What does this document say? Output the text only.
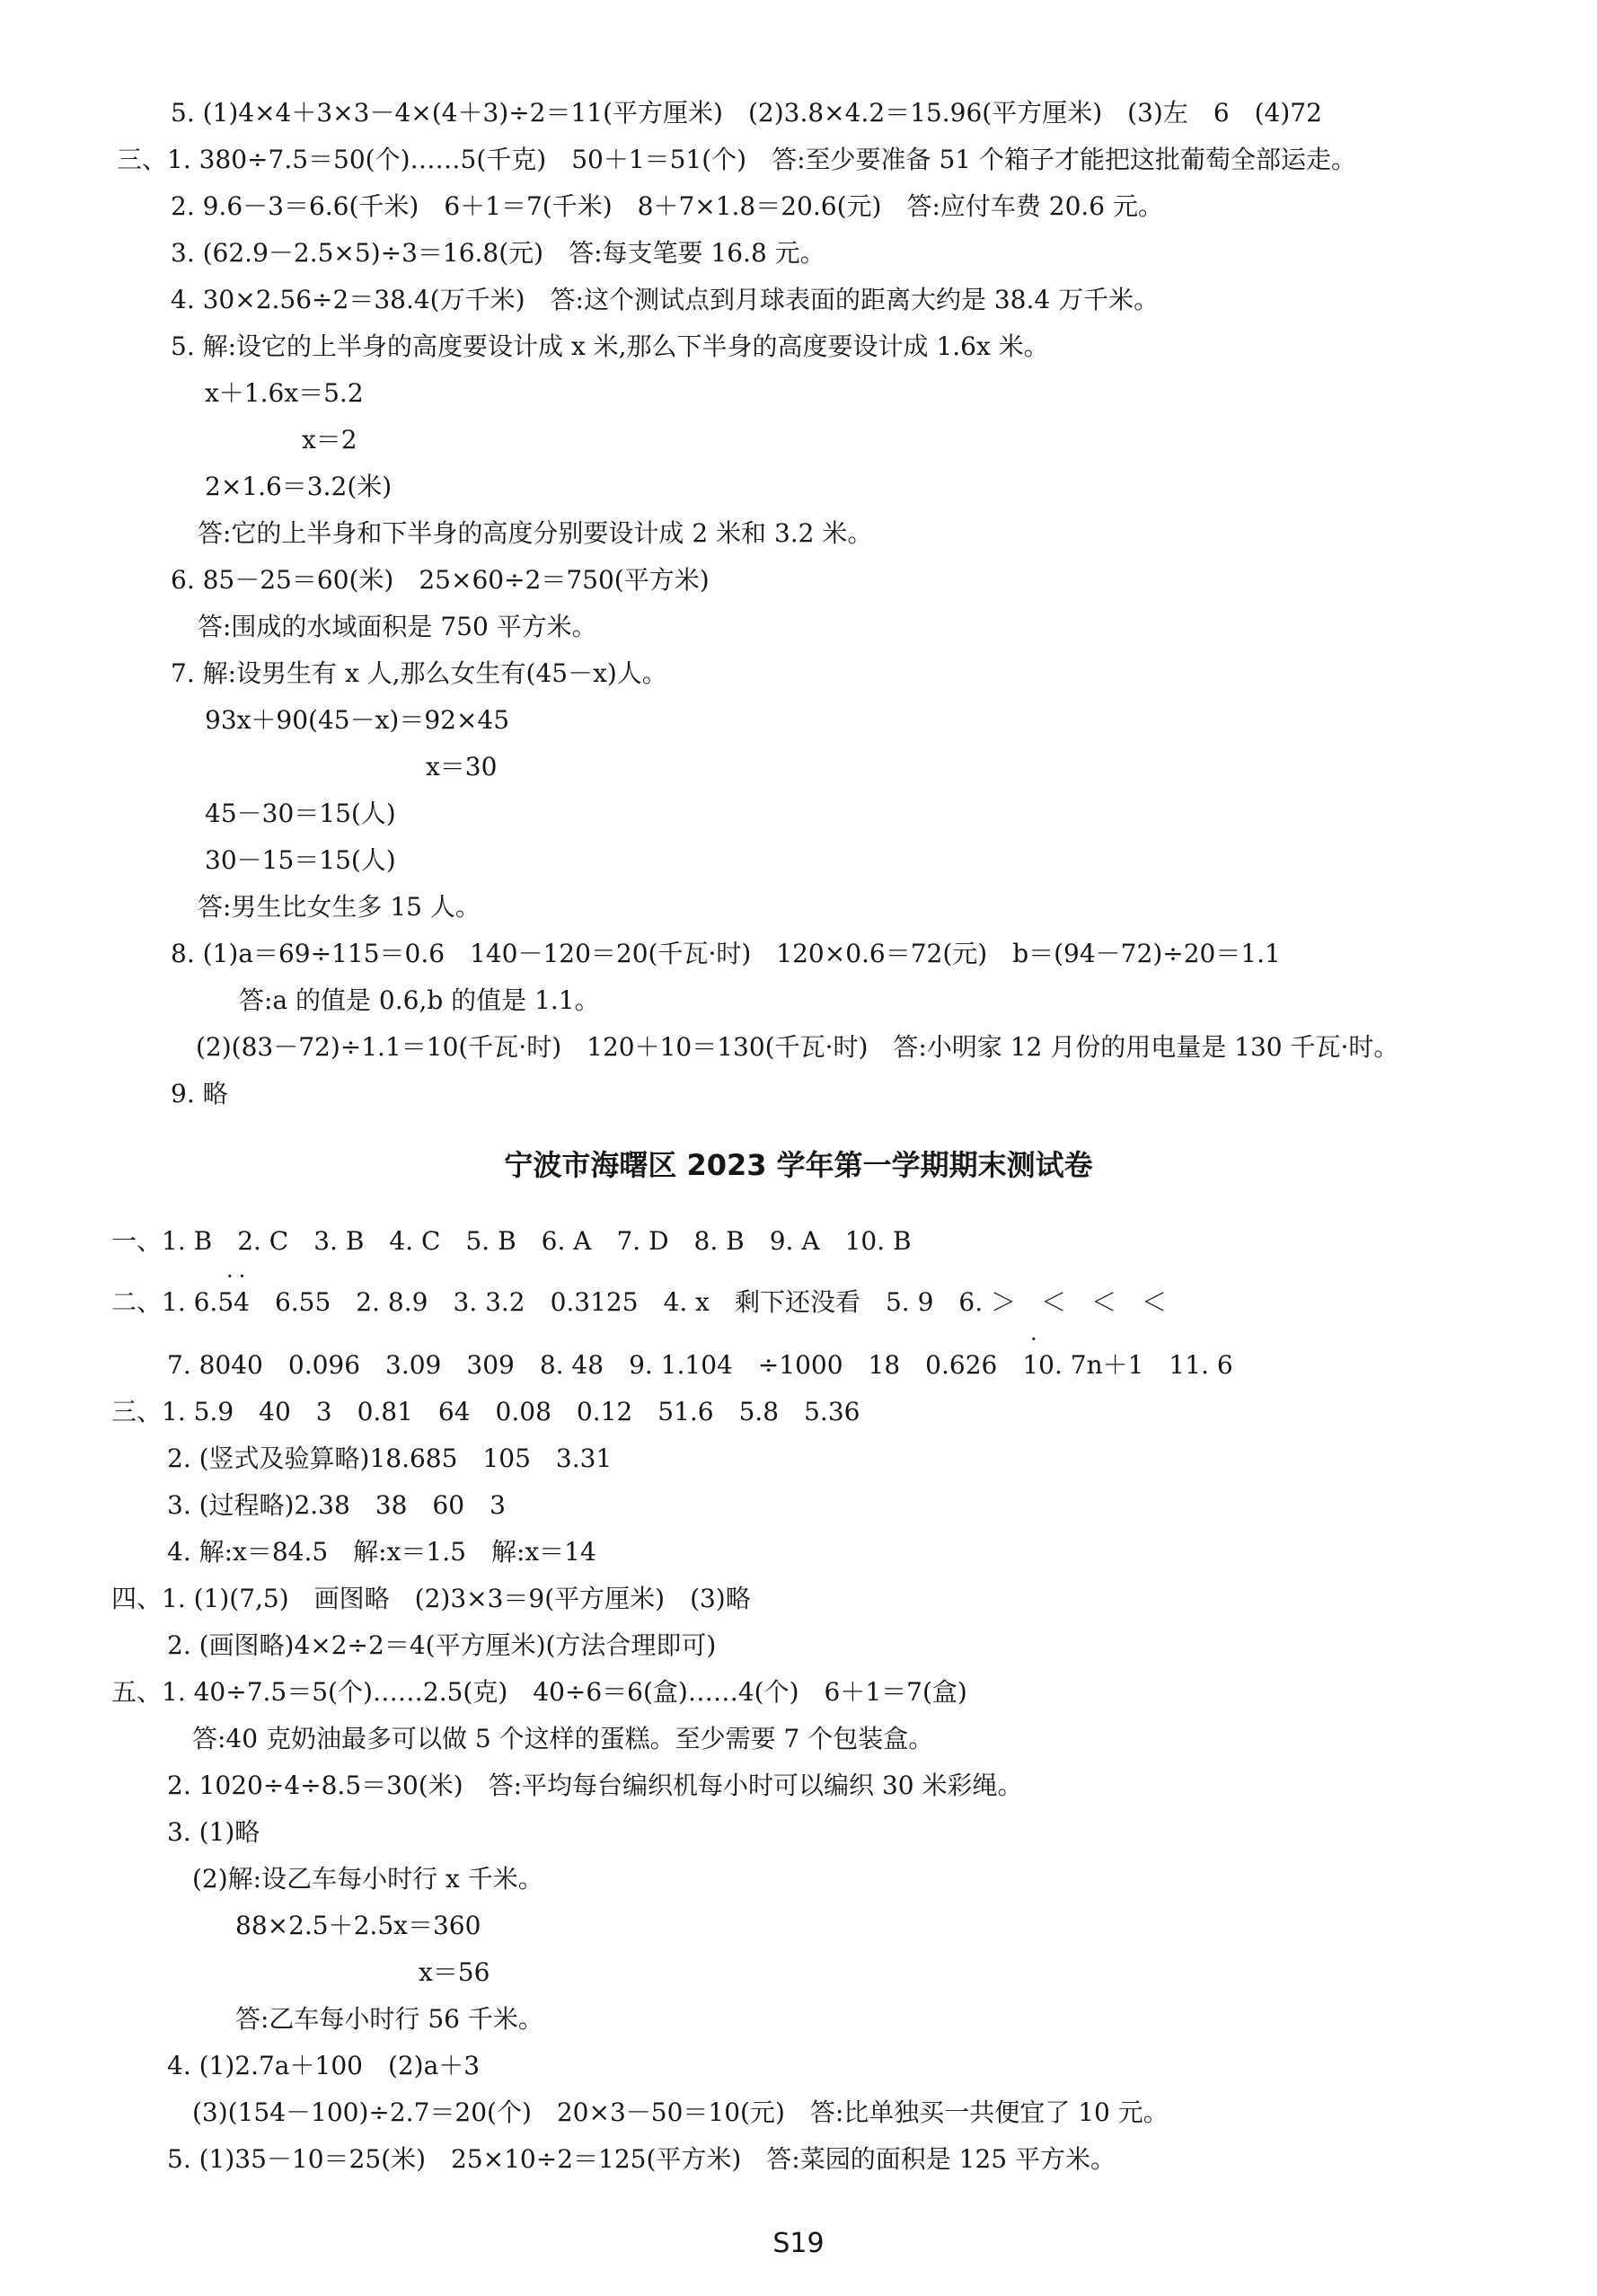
5. (1)4×4＋3×3－4×(4＋3)÷2＝11(平方厘米)　(2)3.8×4.2＝15.96(平方厘米)　(3)左　6　(4)72
三、1. 380÷7.5＝50(个)……5(千克)　50＋1＝51(个)　答:至少要准备 51 个箱子才能把这批葡萄全部运走。
2. 9.6－3＝6.6(千米)　6＋1＝7(千米)　8＋7×1.8＝20.6(元)　答:应付车费 20.6 元。
3. (62.9－2.5×5)÷3＝16.8(元)　答:每支笔要 16.8 元。
4. 30×2.56÷2＝38.4(万千米)　答:这个测试点到月球表面的距离大约是 38.4 万千米。
5. 解:设它的上半身的高度要设计成 x 米,那么下半身的高度要设计成 1.6x 米。
x＋1.6x＝5.2
x＝2
2×1.6＝3.2(米)
答:它的上半身和下半身的高度分别要设计成 2 米和 3.2 米。
6. 85－25＝60(米)　25×60÷2＝750(平方米)
答:围成的水域面积是 750 平方米。
7. 解:设男生有 x 人,那么女生有(45－x)人。
93x＋90(45－x)＝92×45
x＝30
45－30＝15(人)
30－15＝15(人)
答:男生比女生多 15 人。
8. (1)a＝69÷115＝0.6　140－120＝20(千瓦·时)　120×0.6＝72(元)　b＝(94－72)÷20＝1.1
答:a 的值是 0.6,b 的值是 1.1。
(2)(83－72)÷1.1＝10(千瓦·时)　120＋10＝130(千瓦·时)　答:小明家 12 月份的用电量是 130 千瓦·时。
9. 略
宁波市海曙区 2023 学年第一学期期末测试卷
一、1. B　2. C　3. B　4. C　5. B　6. A　7. D　8. B　9. A　10. B
··
二、1. 6.54　6.55　2. 8.9　3. 3.2　0.3125　4. x　剩下还没看　5. 9　6. ＞　＜　＜　＜
·
7. 8040　0.096　3.09　309　8. 48　9. 1.104　÷1000　18　0.626　10. 7n＋1　11. 6
三、1. 5.9　40　3　0.81　64　0.08　0.12　51.6　5.8　5.36
2. (竖式及验算略)18.685　105　3.31
3. (过程略)2.38　38　60　3
4. 解:x＝84.5　解:x＝1.5　解:x＝14
四、1. (1)(7,5)　画图略　(2)3×3＝9(平方厘米)　(3)略
2. (画图略)4×2÷2＝4(平方厘米)(方法合理即可)
五、1. 40÷7.5＝5(个)……2.5(克)　40÷6＝6(盒)……4(个)　6＋1＝7(盒)
答:40 克奶油最多可以做 5 个这样的蛋糕。至少需要 7 个包装盒。
2. 1020÷4÷8.5＝30(米)　答:平均每台编织机每小时可以编织 30 米彩绳。
3. (1)略
(2)解:设乙车每小时行 x 千米。
88×2.5＋2.5x＝360
x＝56
答:乙车每小时行 56 千米。
4. (1)2.7a＋100　(2)a＋3
(3)(154－100)÷2.7＝20(个)　20×3－50＝10(元)　答:比单独买一共便宜了 10 元。
5. (1)35－10＝25(米)　25×10÷2＝125(平方米)　答:菜园的面积是 125 平方米。
S19
